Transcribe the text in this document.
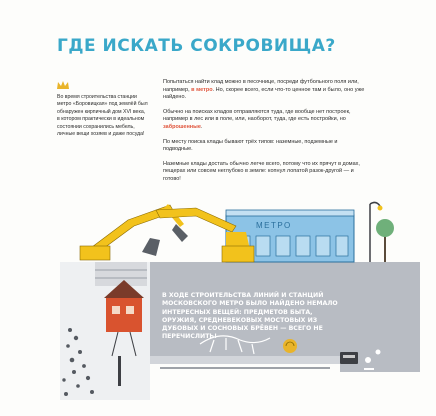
ГДЕ ИСКАТЬ СОКРОВИЩА?
Во время строительства станции метро «Боровицкая» под землёй был обнаружен кирпичный дом XVI века, в котором практически в идеальном состоянии сохранились мебель, личные вещи хозяев и даже посуда!

Попытаться найти клад можно в песочнице, посреди футбольного поля или, например, в метро. Но, скорее всего, если что-то ценное там и было, оно уже найдено.

Обычно на поисках кладов отправляются туда, где вообще нет построек, например в лес или в поле, или, наоборот, туда, где есть постройки, но заброшенные.

По месту поиска клады бывают трёх типов: наземные, подземные и подводные.

Наземные клады достать обычно легче всего, потому что их прячут в домах, пещерах или совсем неглубоко в земле: копнул лопатой разок-другой — и готово!

МЕТРО
В ХОДЕ СТРОИТЕЛЬСТВА ЛИНИЙ И СТАНЦИЙ МОСКОВСКОГО МЕТРО БЫЛО НАЙДЕНО НЕМАЛО ИНТЕРЕСНЫХ ВЕЩЕЙ: ПРЕДМЕТОВ БЫТА, ОРУЖИЯ, СРЕДНЕВЕКОВЫХ МОСТОВЫХ ИЗ ДУБОВЫХ И СОСНОВЫХ БРЁВЕН — ВСЕГО НЕ ПЕРЕЧИСЛИТЬ!
